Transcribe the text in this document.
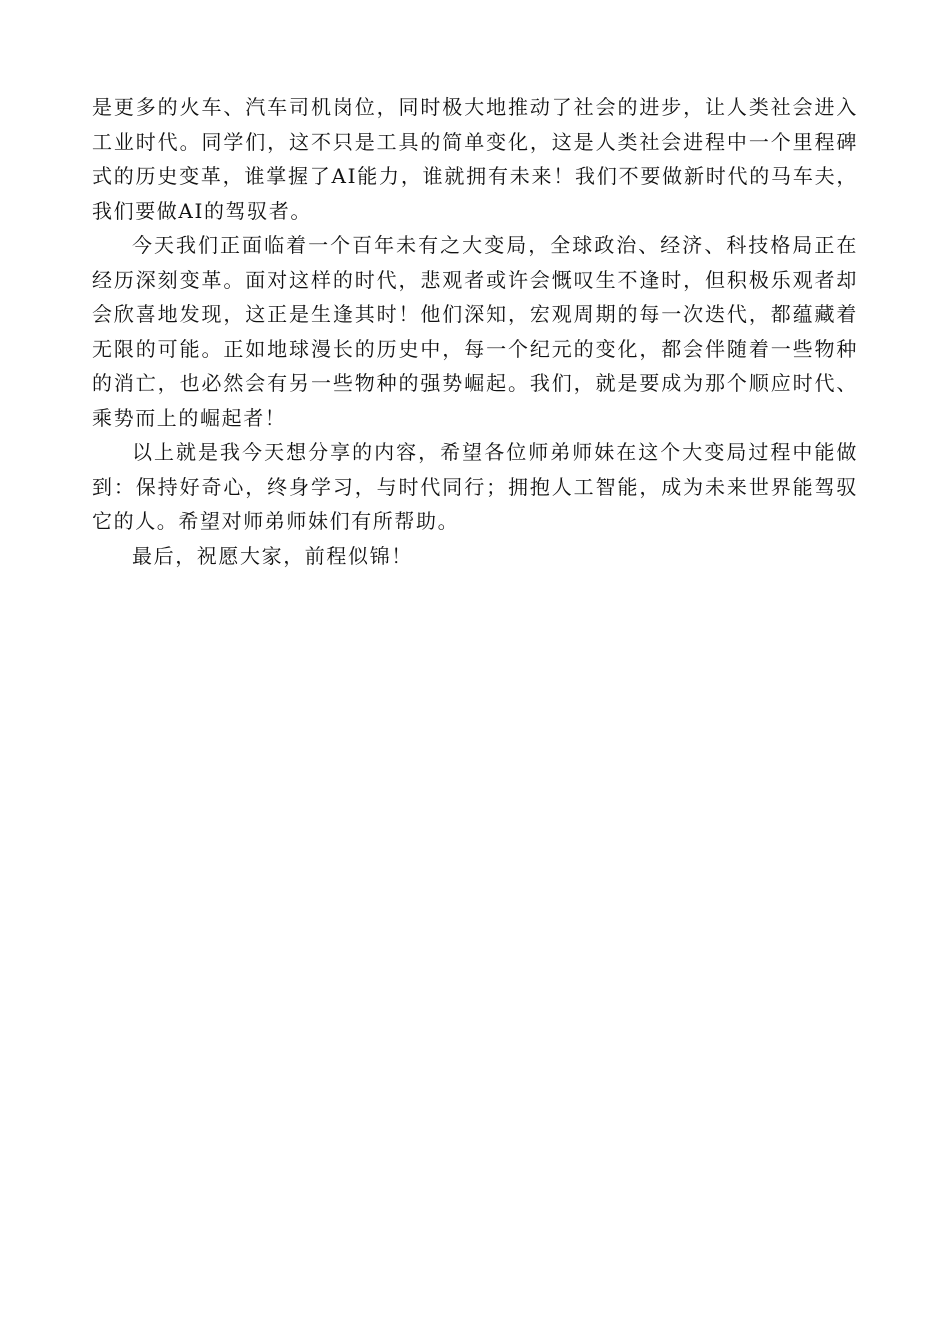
是更多的火车、汽车司机岗位，同时极大地推动了社会的进步，让人类社会进入工业时代。同学们，这不只是工具的简单变化，这是人类社会进程中一个里程碑式的历史变革，谁掌握了AI能力，谁就拥有未来！我们不要做新时代的马车夫，我们要做AI的驾驭者。

今天我们正面临着一个百年未有之大变局，全球政治、经济、科技格局正在经历深刻变革。面对这样的时代，悲观者或许会慨叹生不逢时，但积极乐观者却会欣喜地发现，这正是生逢其时！他们深知，宏观周期的每一次迭代，都蕴藏着无限的可能。正如地球漫长的历史中，每一个纪元的变化，都会伴随着一些物种的消亡，也必然会有另一些物种的强势崛起。我们，就是要成为那个顺应时代、乘势而上的崛起者！

以上就是我今天想分享的内容，希望各位师弟师妹在这个大变局过程中能做到：保持好奇心，终身学习，与时代同行；拥抱人工智能，成为未来世界能驾驭它的人。希望对师弟师妹们有所帮助。

最后，祝愿大家，前程似锦！
